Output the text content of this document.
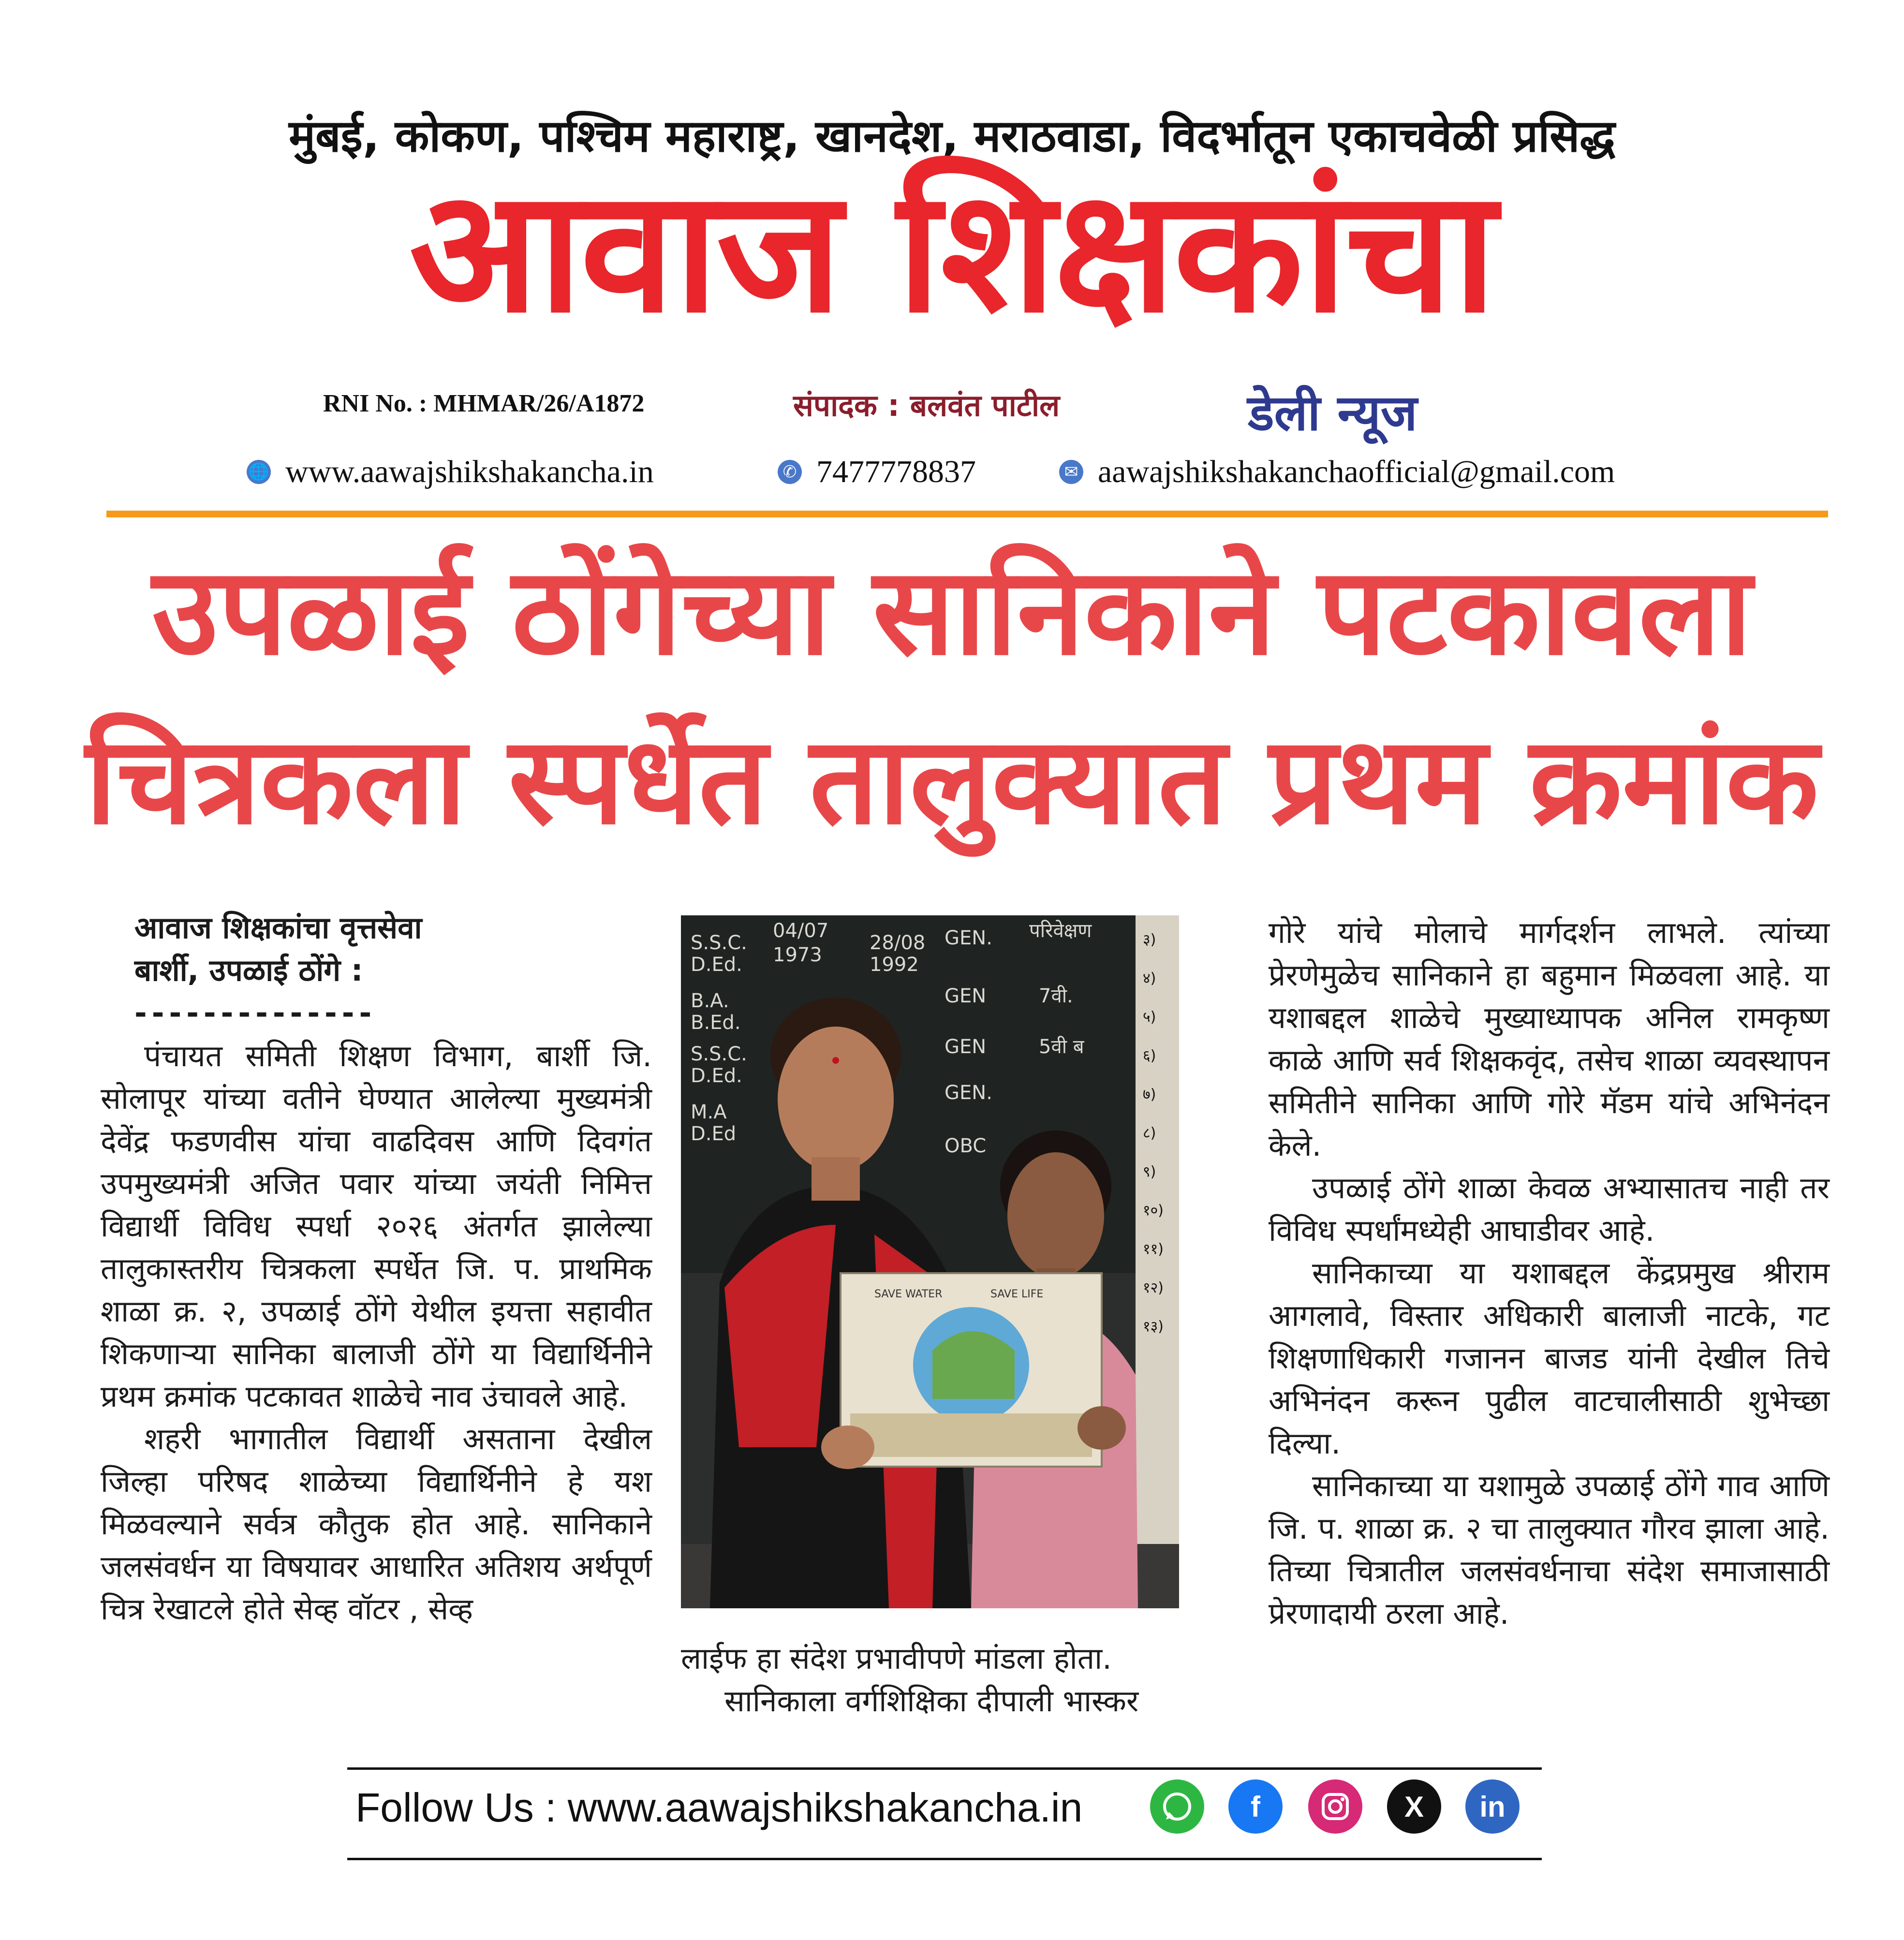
मुंबई, कोकण, पश्चिम महाराष्ट्र, खानदेश, मराठवाडा, विदर्भातून एकाचवेळी प्रसिद्ध
आवाज शिक्षकांचा
RNI No. : MHMAR/26/A1872	संपादक : बलवंत पाटील	डेली न्यूज
🌐 www.aawajshikshakancha.in	✆ 7477778837	✉ aawajshikshakanchaofficial@gmail.com
उपळाई ठोंगेच्या सानिकाने पटकावला
चित्रकला स्पर्धेत तालुक्यात प्रथम क्रमांक
आवाज शिक्षकांचा वृत्तसेवा
बार्शी, उपळाई ठोंगे :
--------------

पंचायत समिती शिक्षण विभाग, बार्शी जि. सोलापूर यांच्या वतीने घेण्यात आलेल्या मुख्यमंत्री देवेंद्र फडणवीस यांचा वाढदिवस आणि दिवगंत उपमुख्यमंत्री अजित पवार यांच्या जयंती निमित्त विद्यार्थी विविध स्पर्धा २०२६ अंतर्गत झालेल्या तालुकास्तरीय चित्रकला स्पर्धेत जि. प. प्राथमिक शाळा क्र. २, उपळाई ठोंगे येथील इयत्ता सहावीत शिकणाऱ्या सानिका बालाजी ठोंगे या विद्यार्थिनीने प्रथम क्रमांक पटकावत शाळेचे नाव उंचावले आहे.

शहरी भागातील विद्यार्थी असताना देखील जिल्हा परिषद शाळेच्या विद्यार्थिनीने हे यश मिळवल्याने सर्वत्र कौतुक होत आहे. सानिकाने जलसंवर्धन या विषयावर आधारित अतिशय अर्थपूर्ण चित्र रेखाटले होते सेव्ह वॉटर , सेव्ह

S.S.C.
D.Ed.
B.A.
B.Ed.
S.S.C.
D.Ed.
M.A
D.Ed
04/07
1973
28/08
1992
GEN.
GEN
GEN
GEN.
OBC
परिवेक्षण
7वी.
5वी ब
३)
४)
५)
६)
७)
८)
९)
१०)
११)
१२)
१३)
SAVE WATER	SAVE LIFE
लाईफ हा संदेश प्रभावीपणे मांडला होता.
सानिकाला वर्गशिक्षिका दीपाली भास्कर

गोरे यांचे मोलाचे मार्गदर्शन लाभले. त्यांच्या प्रेरणेमुळेच सानिकाने हा बहुमान मिळवला आहे. या यशाबद्दल शाळेचे मुख्याध्यापक अनिल रामकृष्ण काळे आणि सर्व शिक्षकवृंद, तसेच शाळा व्यवस्थापन समितीने सानिका आणि गोरे मॅडम यांचे अभिनंदन केले.

उपळाई ठोंगे शाळा केवळ अभ्यासातच नाही तर विविध स्पर्धांमध्येही आघाडीवर आहे.

सानिकाच्या या यशाबद्दल केंद्रप्रमुख श्रीराम आगलावे, विस्तार अधिकारी बालाजी नाटके, गट शिक्षणाधिकारी गजानन बाजड यांनी देखील तिचे अभिनंदन करून पुढील वाटचालीसाठी शुभेच्छा दिल्या.

सानिकाच्या या यशामुळे उपळाई ठोंगे गाव आणि जि. प. शाळा क्र. २ चा तालुक्यात गौरव झाला आहे. तिच्या चित्रातील जलसंवर्धनाचा संदेश समाजासाठी प्रेरणादायी ठरला आहे.

Follow Us : www.aawajshikshakancha.in	f	X	in
